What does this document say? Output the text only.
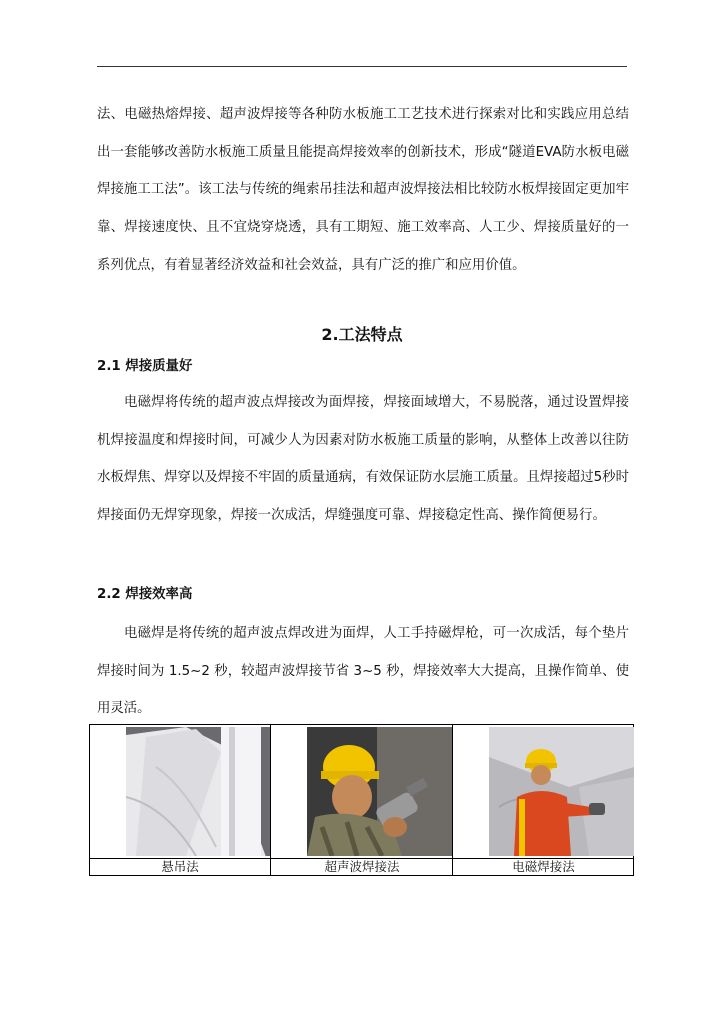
法、电磁热熔焊接、超声波焊接等各种防水板施工工艺技术进行探索对比和实践应用总结出一套能够改善防水板施工质量且能提高焊接效率的创新技术，形成“隧道EVA防水板电磁焊接施工工法”。该工法与传统的绳索吊挂法和超声波焊接法相比较防水板焊接固定更加牢靠、焊接速度快、且不宜烧穿烧透，具有工期短、施工效率高、人工少、焊接质量好的一系列优点，有着显著经济效益和社会效益，具有广泛的推广和应用价值。

2.工法特点
2.1 焊接质量好

电磁焊将传统的超声波点焊接改为面焊接，焊接面域增大，不易脱落，通过设置焊接机焊接温度和焊接时间，可减少人为因素对防水板施工质量的影响，从整体上改善以往防水板焊焦、焊穿以及焊接不牢固的质量通病，有效保证防水层施工质量。且焊接超过5秒时焊接面仍无焊穿现象，焊接一次成活，焊缝强度可靠、焊接稳定性高、操作简便易行。

2.2 焊接效率高

电磁焊是将传统的超声波点焊改进为面焊，人工手持磁焊枪，可一次成活，每个垫片焊接时间为 1.5~2 秒，较超声波焊接节省 3~5 秒，焊接效率大大提高，且操作简单、使用灵活。

悬吊法	超声波焊接法	电磁焊接法
